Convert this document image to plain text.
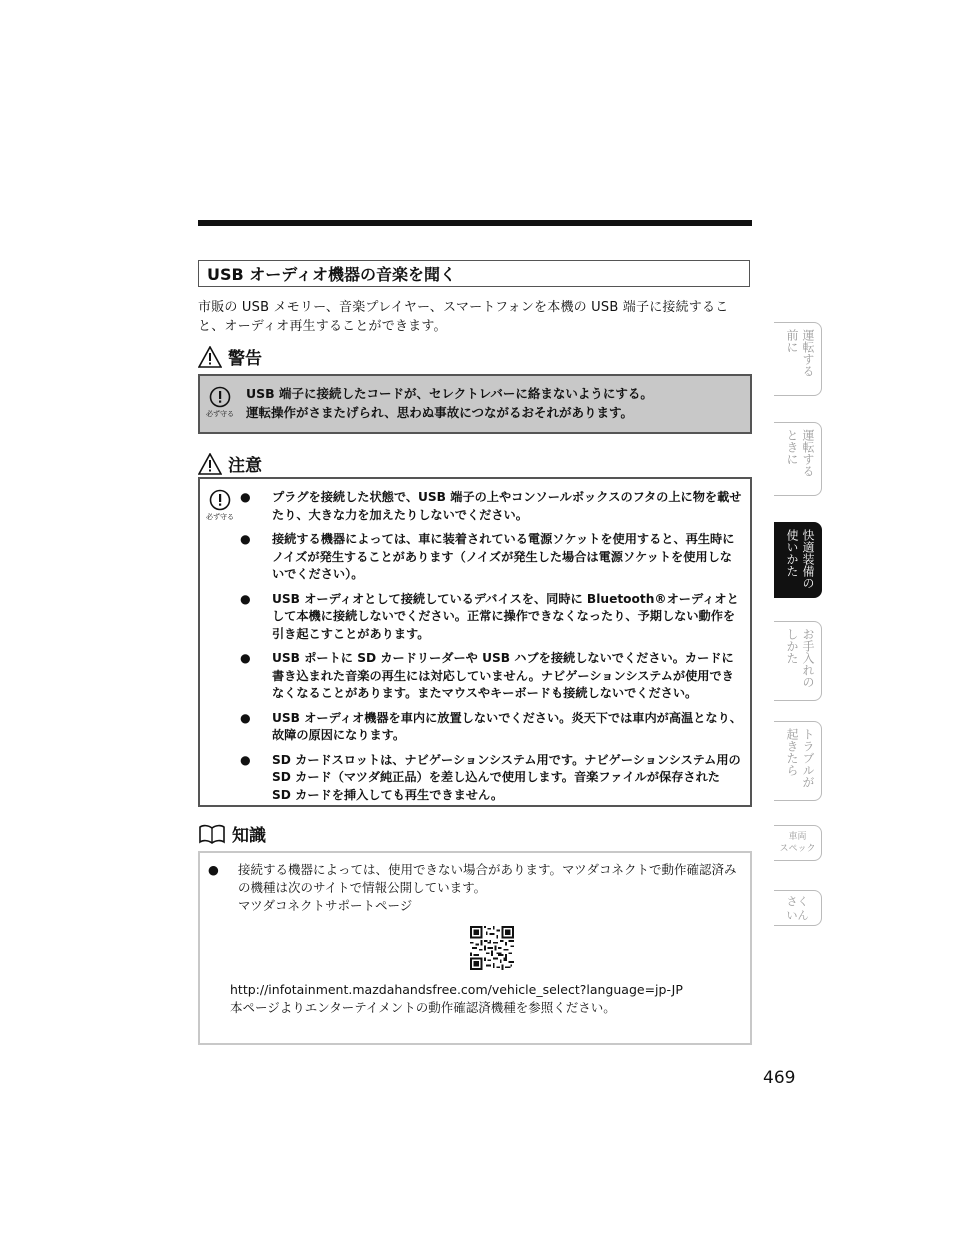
USB オーディオ機器の音楽を聞く
市販の USB メモリー、音楽プレイヤー、スマートフォンを本機の USB 端子に接続すること、オーディオ再生することができます。
警告
必ず守る
USB 端子に接続したコードが、セレクトレバーに絡まないようにする。
運転操作がさまたげられ、思わぬ事故につながるおそれがあります。
注意
必ず守る
● プラグを接続した状態で、USB 端子の上やコンソールボックスのフタの上に物を載せたり、大きな力を加えたりしないでください。
● 接続する機器によっては、車に装着されている電源ソケットを使用すると、再生時にノイズが発生することがあります（ノイズが発生した場合は電源ソケットを使用しないでください）。
● USB オーディオとして接続しているデバイスを、同時に Bluetooth®オーディオとして本機に接続しないでください。正常に操作できなくなったり、予期しない動作を引き起こすことがあります。
● USB ポートに SD カードリーダーや USB ハブを接続しないでください。カードに書き込まれた音楽の再生には対応していません。ナビゲーションシステムが使用できなくなることがあります。またマウスやキーボードも接続しないでください。
● USB オーディオ機器を車内に放置しないでください。炎天下では車内が高温となり、故障の原因になります。
● SD カードスロットは、ナビゲーションシステム用です。ナビゲーションシステム用の SD カード（マツダ純正品）を差し込んで使用します。音楽ファイルが保存された SD カードを挿入しても再生できません。
知識
● 接続する機器によっては、使用できない場合があります。マツダコネクトで動作確認済みの機種は次のサイトで情報公開しています。
マツダコネクトサポートページ
http://infotainment.mazdahandsfree.com/vehicle_select?language=jp-JP
本ページよりエンターテイメントの動作確認済機種を参照ください。
469
運転する
前に
運転する
ときに
快適装備の
使いかた
お手入れの
しかた
トラブルが
起きたら
車両
スペック
さく
いん
